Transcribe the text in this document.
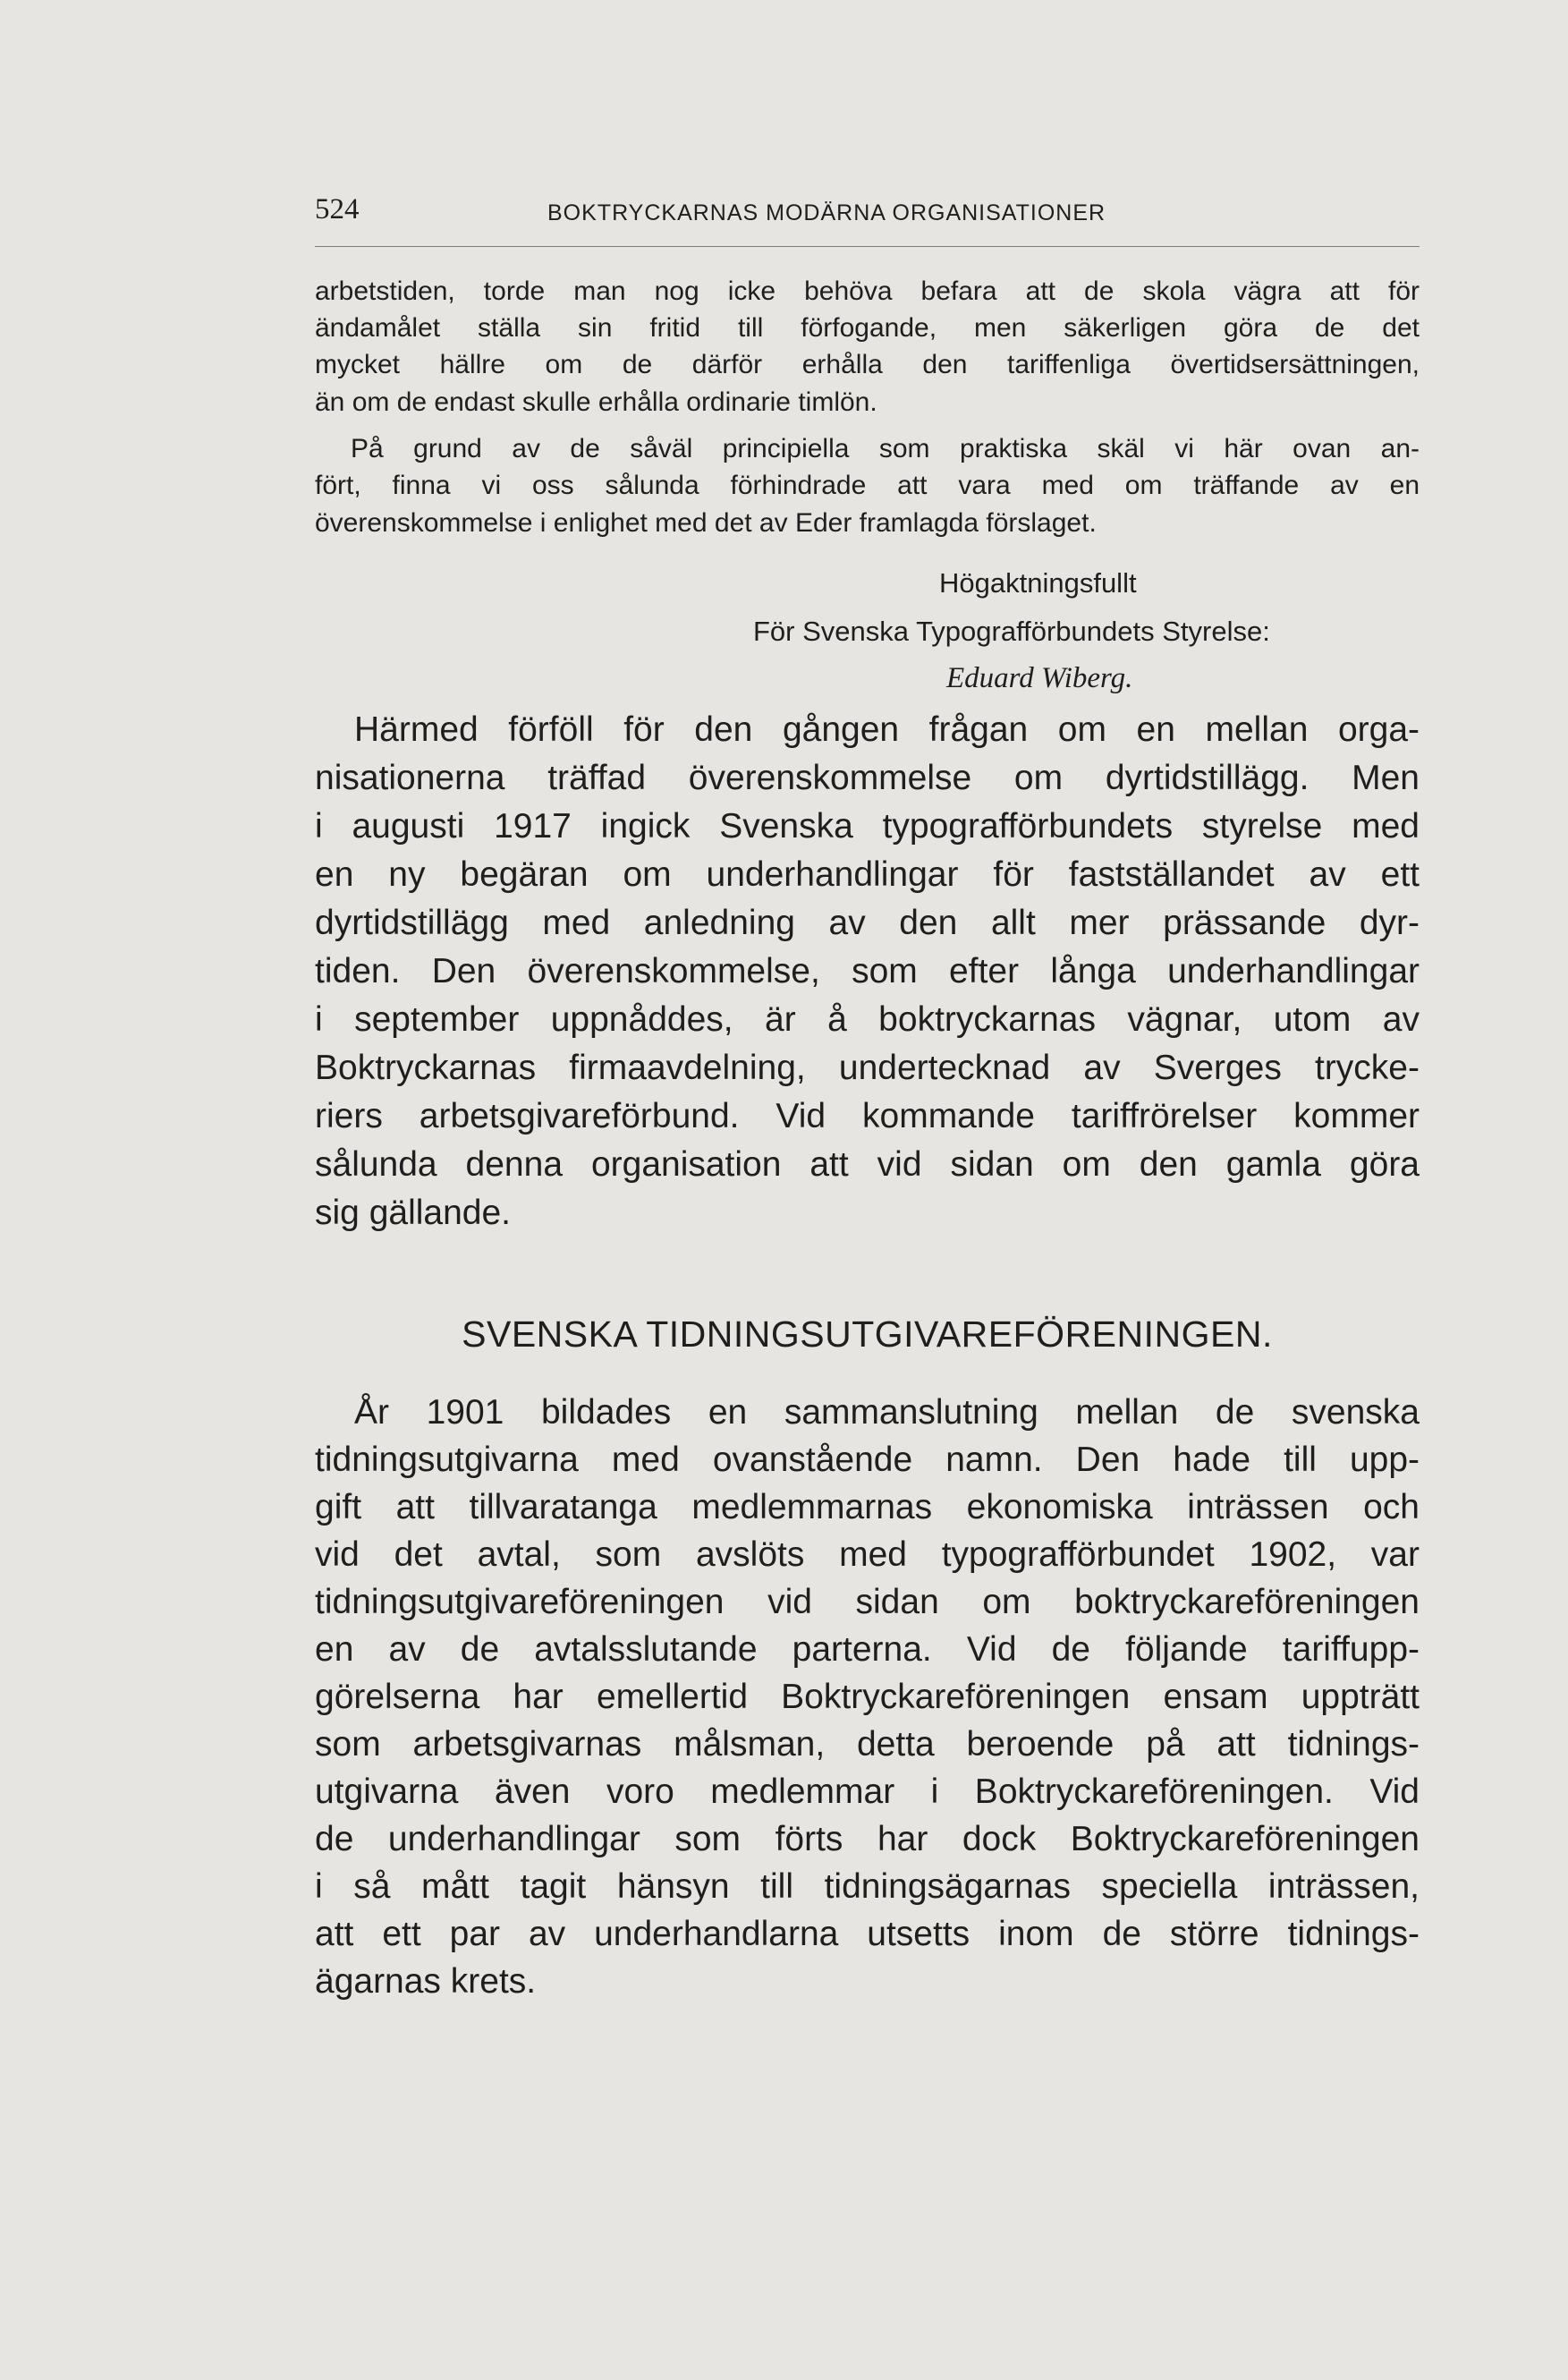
524	BOKTRYCKARNAS MODÄRNA ORGANISATIONER
arbetstiden, torde man nog icke behöva befara att de skola vägra att för
ändamålet ställa sin fritid till förfogande, men säkerligen göra de det
mycket hällre om de därför erhålla den tariffenliga övertidsersättningen,
än om de endast skulle erhålla ordinarie timlön.
På grund av de såväl principiella som praktiska skäl vi här ovan an-
fört, finna vi oss sålunda förhindrade att vara med om träffande av en
överenskommelse i enlighet med det av Eder framlagda förslaget.
Högaktningsfullt
För Svenska Typografförbundets Styrelse:
Eduard Wiberg.
Härmed förföll för den gången frågan om en mellan orga-
nisationerna träffad överenskommelse om dyrtidstillägg. Men
i augusti 1917 ingick Svenska typografförbundets styrelse med
en ny begäran om underhandlingar för fastställandet av ett
dyrtidstillägg med anledning av den allt mer prässande dyr-
tiden. Den överenskommelse, som efter långa underhandlingar
i september uppnåddes, är å boktryckarnas vägnar, utom av
Boktryckarnas firmaavdelning, undertecknad av Sverges trycke-
riers arbetsgivareförbund. Vid kommande tariffrörelser kommer
sålunda denna organisation att vid sidan om den gamla göra
sig gällande.
SVENSKA TIDNINGSUTGIVAREFÖRENINGEN.
År 1901 bildades en sammanslutning mellan de svenska
tidningsutgivarna med ovanstående namn. Den hade till upp-
gift att tillvaratanga medlemmarnas ekonomiska inträssen och
vid det avtal, som avslöts med typografförbundet 1902, var
tidningsutgivareföreningen vid sidan om boktryckareföreningen
en av de avtalsslutande parterna. Vid de följande tariffupp-
görelserna har emellertid Boktryckareföreningen ensam uppträtt
som arbetsgivarnas målsman, detta beroende på att tidnings-
utgivarna även voro medlemmar i Boktryckareföreningen. Vid
de underhandlingar som förts har dock Boktryckareföreningen
i så mått tagit hänsyn till tidningsägarnas speciella inträssen,
att ett par av underhandlarna utsetts inom de större tidnings-
ägarnas krets.
